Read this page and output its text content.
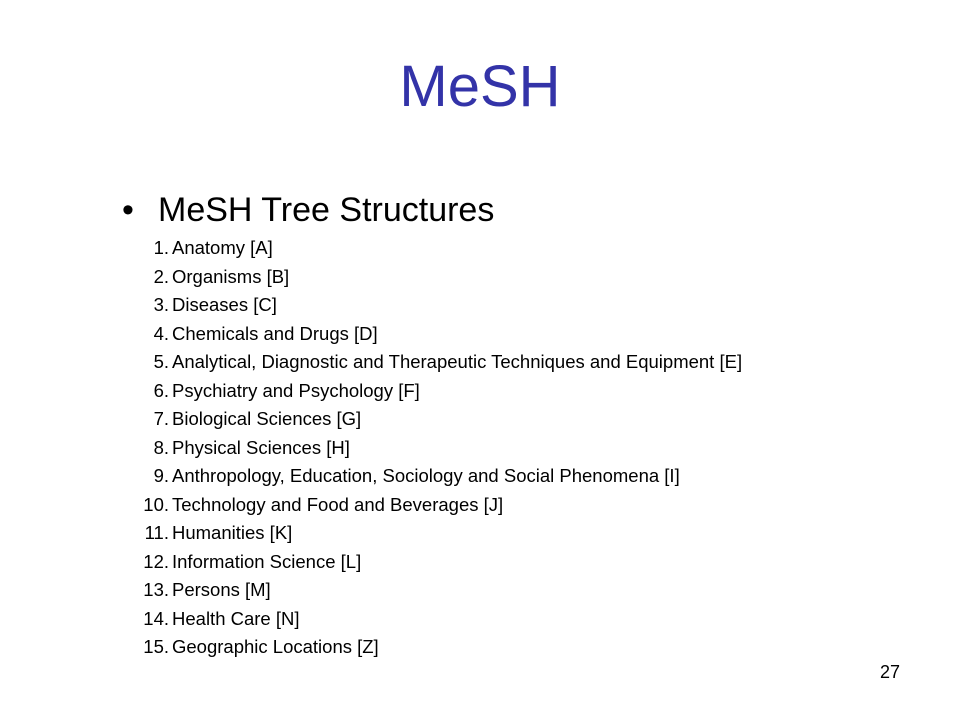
MeSH
• MeSH Tree Structures
1. Anatomy [A]
2. Organisms [B]
3. Diseases [C]
4. Chemicals and Drugs [D]
5. Analytical, Diagnostic and Therapeutic Techniques and Equipment [E]
6. Psychiatry and Psychology [F]
7. Biological Sciences [G]
8. Physical Sciences [H]
9. Anthropology, Education, Sociology and Social Phenomena [I]
10. Technology and Food and Beverages [J]
11. Humanities [K]
12. Information Science [L]
13. Persons [M]
14. Health Care [N]
15. Geographic Locations [Z]
27
